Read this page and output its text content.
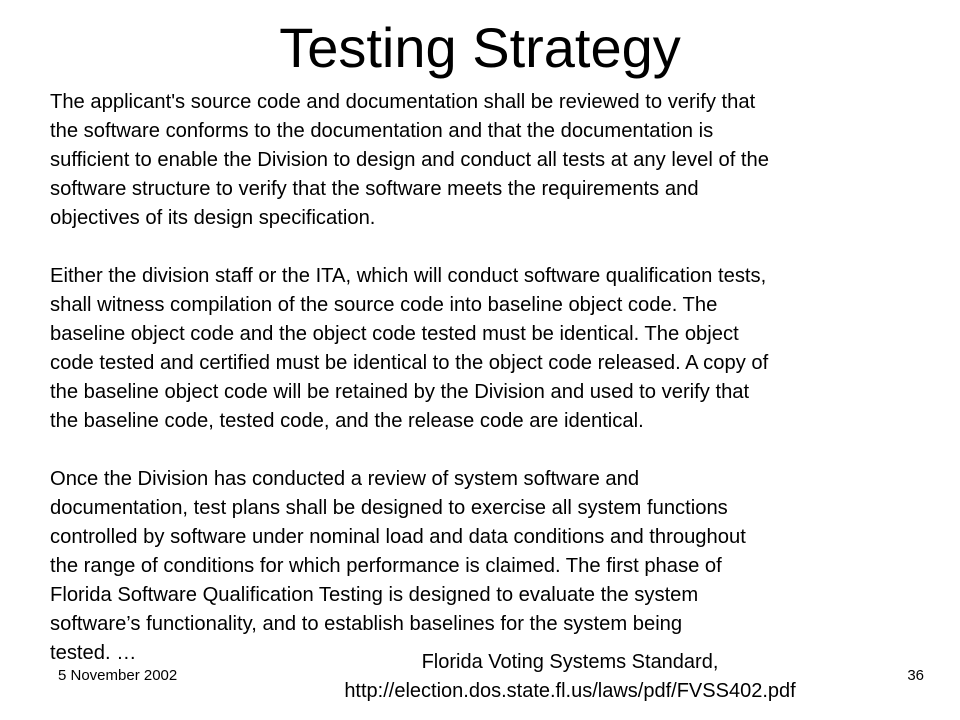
Testing Strategy

The applicant's source code and documentation shall be reviewed to verify that
the software conforms to the documentation and that the documentation is
sufficient to enable the Division to design and conduct all tests at any level of the
software structure to verify that the software meets the requirements and
objectives of its design specification.

Either the division staff or the ITA, which will conduct software qualification tests,
shall witness compilation of the source code into baseline object code. The
baseline object code and the object code tested must be identical. The object
code tested and certified must be identical to the object code released. A copy of
the baseline object code will be retained by the Division and used to verify that
the baseline code, tested code, and the release code are identical.

Once the Division has conducted a review of system software and
documentation, test plans shall be designed to exercise all system functions
controlled by software under nominal load and data conditions and throughout
the range of conditions for which performance is claimed. The first phase of
Florida Software Qualification Testing is designed to evaluate the system
software’s functionality, and to establish baselines for the system being
tested. …

5 November 2002
Florida Voting Systems Standard,
http://election.dos.state.fl.us/laws/pdf/FVSS402.pdf
36
